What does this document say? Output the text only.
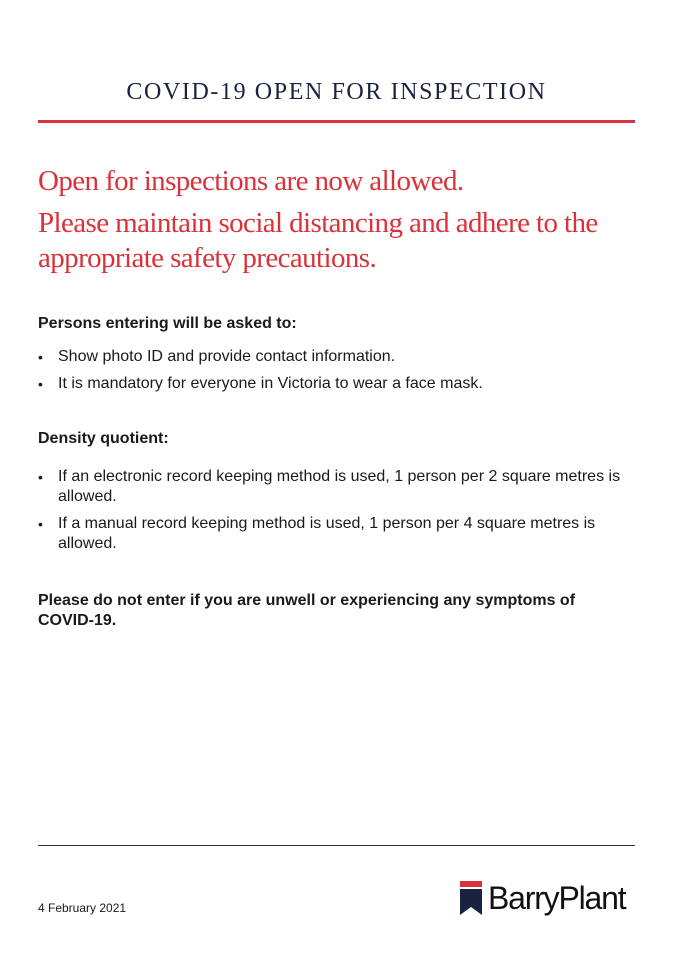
COVID-19 OPEN FOR INSPECTION

Open for inspections are now allowed.

Please maintain social distancing and adhere to the appropriate safety precautions.

Persons entering will be asked to:

• Show photo ID and provide contact information.
• It is mandatory for everyone in Victoria to wear a face mask.

Density quotient:

• If an electronic record keeping method is used, 1 person per 2 square metres is allowed.
• If a manual record keeping method is used, 1 person per 4 square metres is allowed.

Please do not enter if you are unwell or experiencing any symptoms of COVID-19.

4 February 2021	BarryPlant
